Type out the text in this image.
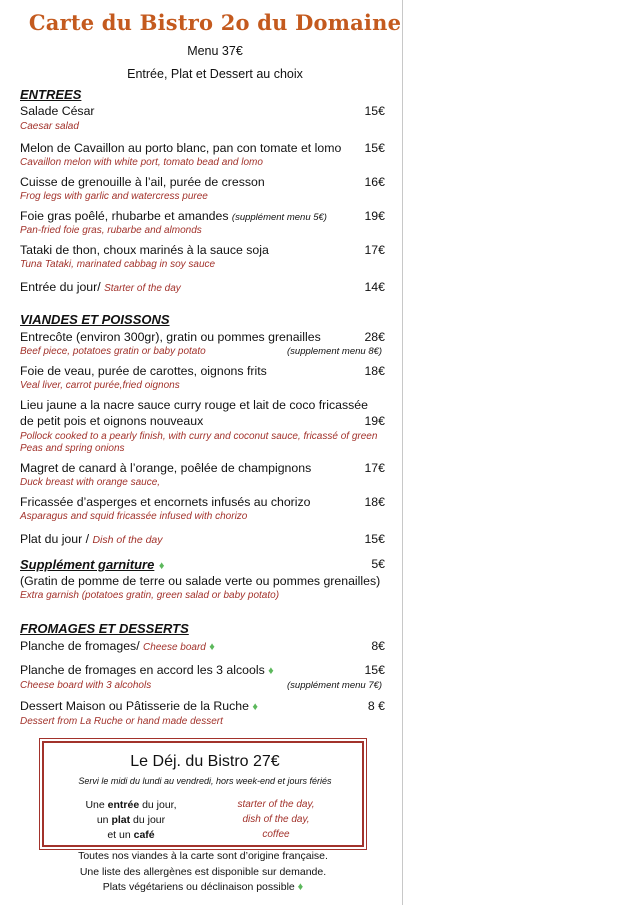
Carte du Bistro 2o du Domaine
Menu 37€
Entrée, Plat et Dessert au choix
ENTREES
Salade César	15€
Caesar salad
Melon de Cavaillon au porto blanc, pan con tomate et lomo	15€
Cavaillon melon with white port, tomato bead and lomo
Cuisse de grenouille à l’ail, purée de cresson	16€
Frog legs with garlic and watercress puree
Foie gras poêlé, rhubarbe et amandes (supplément menu 5€)	19€
Pan-fried foie gras, rubarbe and almonds
Tataki de thon, choux marinés à la sauce soja	17€
Tuna Tataki, marinated cabbag in soy sauce
Entrée du jour/ Starter of the day	14€
VIANDES ET POISSONS
Entrecôte (environ 300gr), gratin ou pommes grenailles	28€
Beef piece, potatoes gratin or baby potato	(supplement menu 8€)
Foie de veau, purée de carottes, oignons frits	18€
Veal liver, carrot purée,fried oignons
Lieu jaune a la nacre sauce curry rouge et lait de coco fricassée
de petit pois et oignons nouveaux	19€
Pollock cooked to a pearly finish, with curry and coconut sauce, fricassé of green
Peas and spring onions
Magret de canard à l’orange, poêlée de champignons	17€
Duck breast with orange sauce,
Fricassée d’asperges et encornets infusés au chorizo	18€
Asparagus and squid fricassée infused with chorizo
Plat du jour / Dish of the day	15€
Supplément garniture ♦	5€
(Gratin de pomme de terre ou salade verte ou pommes grenailles)
Extra garnish (potatoes gratin, green salad or baby potato)
FROMAGES ET DESSERTS
Planche de fromages/ Cheese board ♦	8€
Planche de fromages en accord les 3 alcools ♦	15€
Cheese board with 3 alcohols	(supplément menu 7€)
Dessert Maison ou Pâtisserie de la Ruche ♦	8 €
Dessert from La Ruche or hand made dessert
Le Déj. du Bistro 27€
Servi le midi du lundi au vendredi, hors week-end et jours fériés
Une entrée du jour,
un plat du jour
et un café
starter of the day,
dish of the day,
coffee
Toutes nos viandes à la carte sont d’origine française.
Une liste des allergènes est disponible sur demande.
Plats végétariens ou déclinaison possible ♦
